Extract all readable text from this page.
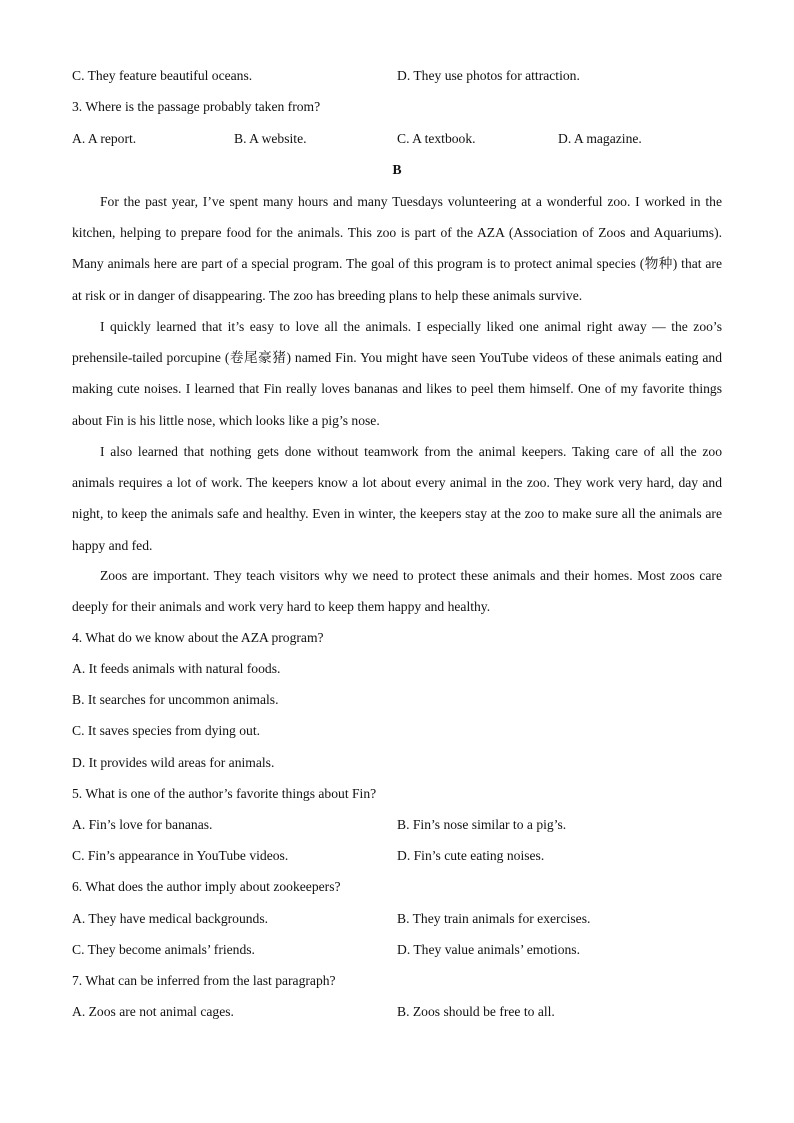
C. They feature beautiful oceans.	D. They use photos for attraction.
3. Where is the passage probably taken from?
A. A report.	B. A website.	C. A textbook.	D. A magazine.
B

For the past year, I’ve spent many hours and many Tuesdays volunteering at a wonderful zoo. I worked in the kitchen, helping to prepare food for the animals. This zoo is part of the AZA (Association of Zoos and Aquariums). Many animals here are part of a special program. The goal of this program is to protect animal species (物种) that are at risk or in danger of disappearing. The zoo has breeding plans to help these animals survive.

I quickly learned that it’s easy to love all the animals. I especially liked one animal right away — the zoo’s prehensile-tailed porcupine (卷尾豪猪) named Fin. You might have seen YouTube videos of these animals eating and making cute noises. I learned that Fin really loves bananas and likes to peel them himself. One of my favorite things about Fin is his little nose, which looks like a pig’s nose.

I also learned that nothing gets done without teamwork from the animal keepers. Taking care of all the zoo animals requires a lot of work. The keepers know a lot about every animal in the zoo. They work very hard, day and night, to keep the animals safe and healthy. Even in winter, the keepers stay at the zoo to make sure all the animals are happy and fed.

Zoos are important. They teach visitors why we need to protect these animals and their homes. Most zoos care deeply for their animals and work very hard to keep them happy and healthy.

4. What do we know about the AZA program?
A. It feeds animals with natural foods.
B. It searches for uncommon animals.
C. It saves species from dying out.
D. It provides wild areas for animals.
5. What is one of the author’s favorite things about Fin?
A. Fin’s love for bananas.	B. Fin’s nose similar to a pig’s.
C. Fin’s appearance in YouTube videos.	D. Fin’s cute eating noises.
6. What does the author imply about zookeepers?
A. They have medical backgrounds.	B. They train animals for exercises.
C. They become animals’ friends.	D. They value animals’ emotions.
7. What can be inferred from the last paragraph?
A. Zoos are not animal cages.	B. Zoos should be free to all.
